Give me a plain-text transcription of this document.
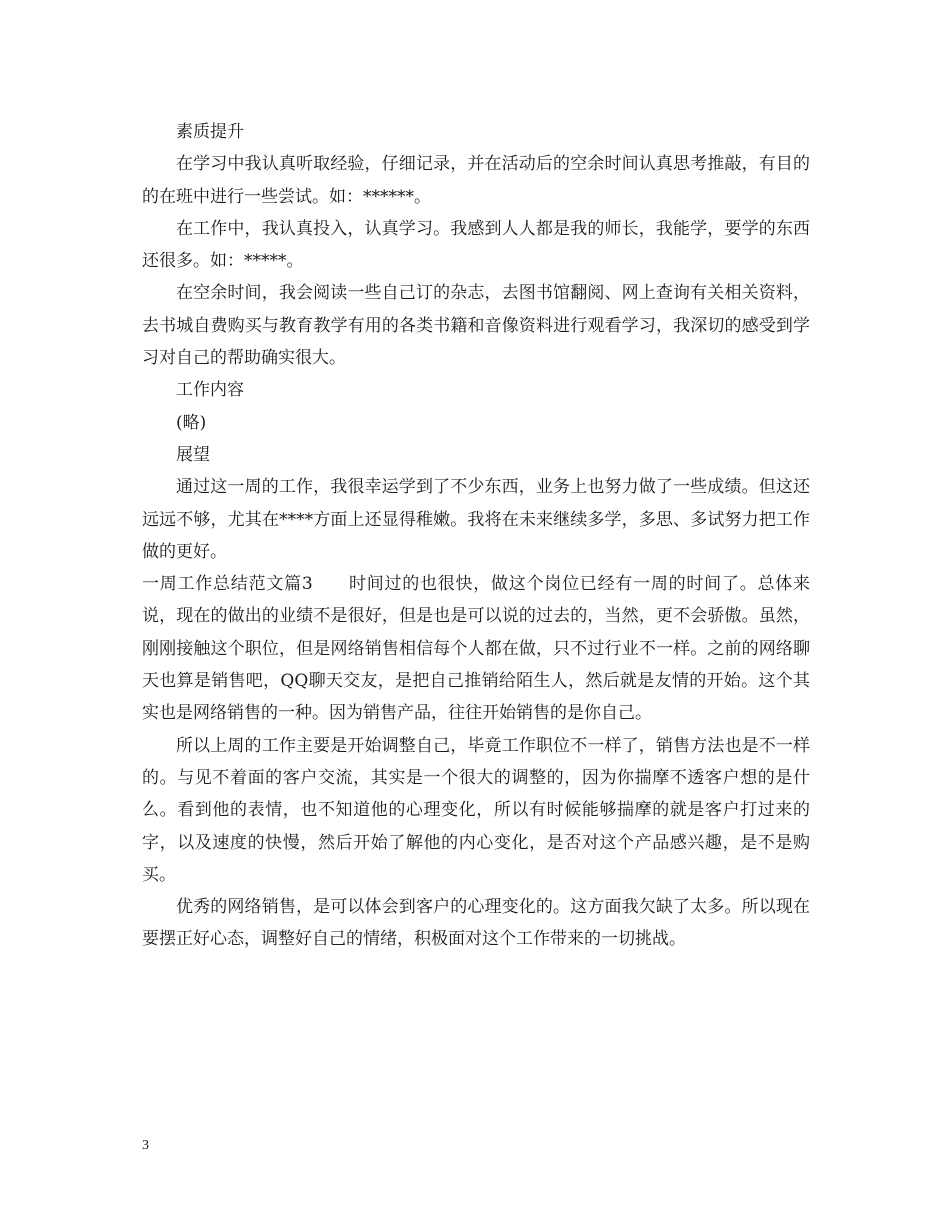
素质提升

在学习中我认真听取经验，仔细记录，并在活动后的空余时间认真思考推敲，有目的的在班中进行一些尝试。如：******。

在工作中，我认真投入，认真学习。我感到人人都是我的师长，我能学，要学的东西还很多。如：*****。

在空余时间，我会阅读一些自己订的杂志，去图书馆翻阅、网上查询有关相关资料，去书城自费购买与教育教学有用的各类书籍和音像资料进行观看学习，我深切的感受到学习对自己的帮助确实很大。

工作内容

(略)

展望

通过这一周的工作，我很幸运学到了不少东西，业务上也努力做了一些成绩。但这还远远不够，尤其在****方面上还显得稚嫩。我将在未来继续多学，多思、多试努力把工作做的更好。

一周工作总结范文篇3　　时间过的也很快，做这个岗位已经有一周的时间了。总体来说，现在的做出的业绩不是很好，但是也是可以说的过去的，当然，更不会骄傲。虽然，刚刚接触这个职位，但是网络销售相信每个人都在做，只不过行业不一样。之前的网络聊天也算是销售吧，QQ聊天交友，是把自己推销给陌生人，然后就是友情的开始。这个其实也是网络销售的一种。因为销售产品，往往开始销售的是你自己。

所以上周的工作主要是开始调整自己，毕竟工作职位不一样了，销售方法也是不一样的。与见不着面的客户交流，其实是一个很大的调整的，因为你揣摩不透客户想的是什么。看到他的表情，也不知道他的心理变化，所以有时候能够揣摩的就是客户打过来的字，以及速度的快慢，然后开始了解他的内心变化，是否对这个产品感兴趣，是不是购买。

优秀的网络销售，是可以体会到客户的心理变化的。这方面我欠缺了太多。所以现在要摆正好心态，调整好自己的情绪，积极面对这个工作带来的一切挑战。

3
